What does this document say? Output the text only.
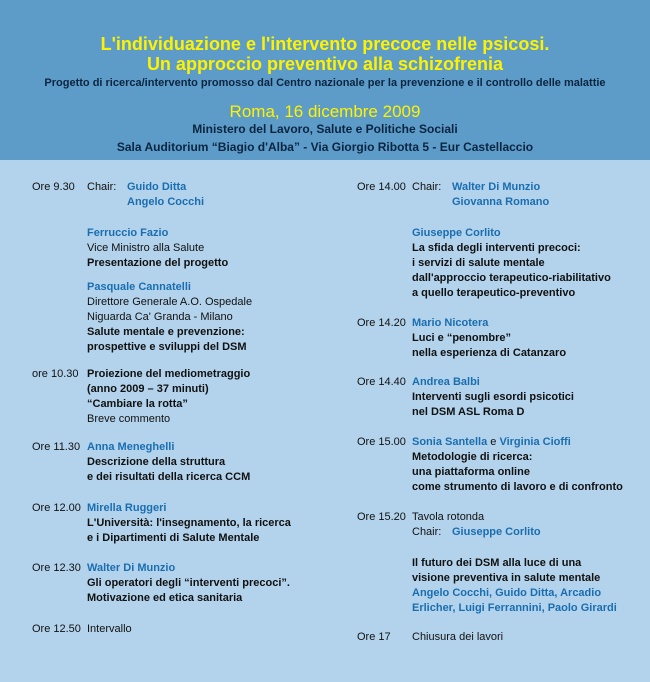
L'individuazione e l'intervento precoce nelle psicosi.
Un approccio preventivo alla schizofrenia
Progetto di ricerca/intervento promosso dal Centro nazionale per la prevenzione e il controllo delle malattie
Roma, 16 dicembre 2009
Ministero del Lavoro, Salute e Politiche Sociali
Sala Auditorium “Biagio d'Alba” - Via Giorgio Ribotta 5 - Eur Castellaccio
Ore 9.30	Chair: Guido Ditta
Angelo Cocchi
Ferruccio Fazio
Vice Ministro alla Salute
Presentazione del progetto
Pasquale Cannatelli
Direttore Generale A.O. Ospedale
Niguarda Ca' Granda - Milano
Salute mentale e prevenzione:
prospettive e sviluppi del DSM
ore 10.30 Proiezione del mediometraggio
(anno 2009 – 37 minuti)
“Cambiare la rotta”
Breve commento
Ore 11.30 Anna Meneghelli
Descrizione della struttura
e dei risultati della ricerca CCM
Ore 12.00 Mirella Ruggeri
L'Università: l'insegnamento, la ricerca
e i Dipartimenti di Salute Mentale
Ore 12.30 Walter Di Munzio
Gli operatori degli “interventi precoci”.
Motivazione ed etica sanitaria
Ore 12.50 Intervallo
Ore 14.00 Chair: Walter Di Munzio
Giovanna Romano
Giuseppe Corlito
La sfida degli interventi precoci:
i servizi di salute mentale
dall'approccio terapeutico-riabilitativo
a quello terapeutico-preventivo
Ore 14.20 Mario Nicotera
Luci e “penombre”
nella esperienza di Catanzaro
Ore 14.40 Andrea Balbi
Interventi sugli esordi psicotici
nel DSM ASL Roma D
Ore 15.00 Sonia Santella e Virginia Cioffi
Metodologie di ricerca:
una piattaforma online
come strumento di lavoro e di confronto
Ore 15.20 Tavola rotonda
Chair: Giuseppe Corlito
Il futuro dei DSM alla luce di una
visione preventiva in salute mentale
Angelo Cocchi, Guido Ditta, Arcadio
Erlicher, Luigi Ferrannini, Paolo Girardi
Ore 17	Chiusura dei lavori
